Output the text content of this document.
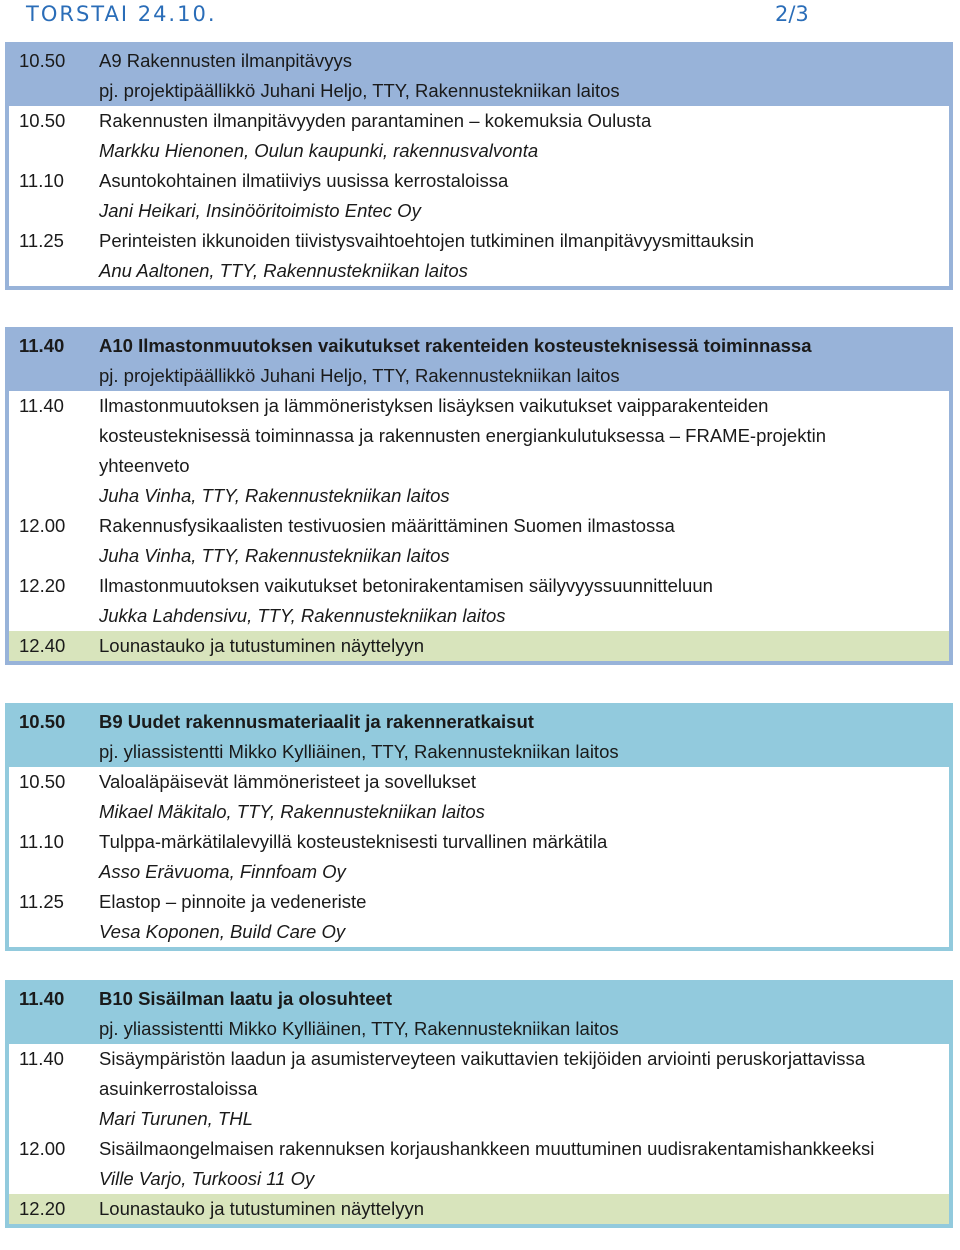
TORSTAI 24.10.	2/3
10.50	A9 Rakennusten ilmanpitävyys
pj. projektipäällikkö Juhani Heljo, TTY, Rakennustekniikan laitos
10.50	Rakennusten ilmanpitävyyden parantaminen – kokemuksia Oulusta
Markku Hienonen, Oulun kaupunki, rakennusvalvonta
11.10	Asuntokohtainen ilmatiiviys uusissa kerrostaloissa
Jani Heikari, Insinööritoimisto Entec Oy
11.25	Perinteisten ikkunoiden tiivistysvaihtoehtojen tutkiminen ilmanpitävyysmittauksin
Anu Aaltonen, TTY, Rakennustekniikan laitos
11.40	A10 Ilmastonmuutoksen vaikutukset rakenteiden kosteusteknisessä toiminnassa
pj. projektipäällikkö Juhani Heljo, TTY, Rakennustekniikan laitos
11.40	Ilmastonmuutoksen ja lämmöneristyksen lisäyksen vaikutukset vaipparakenteiden
kosteusteknisessä toiminnassa ja rakennusten energiankulutuksessa – FRAME-projektin
yhteenveto
Juha Vinha, TTY, Rakennustekniikan laitos
12.00	Rakennusfysikaalisten testivuosien määrittäminen Suomen ilmastossa
Juha Vinha, TTY, Rakennustekniikan laitos
12.20	Ilmastonmuutoksen vaikutukset betonirakentamisen säilyvyyssuunnitteluun
Jukka Lahdensivu, TTY, Rakennustekniikan laitos
12.40	Lounastauko ja tutustuminen näyttelyyn
10.50	B9 Uudet rakennusmateriaalit ja rakenneratkaisut
pj. yliassistentti Mikko Kylliäinen, TTY, Rakennustekniikan laitos
10.50	Valoaläpäisevät lämmöneristeet ja sovellukset
Mikael Mäkitalo, TTY, Rakennustekniikan laitos
11.10	Tulppa-märkätilalevyillä kosteusteknisesti turvallinen märkätila
Asso Erävuoma, Finnfoam Oy
11.25	Elastop – pinnoite ja vedeneriste
Vesa Koponen, Build Care Oy
11.40	B10 Sisäilman laatu ja olosuhteet
pj. yliassistentti Mikko Kylliäinen, TTY, Rakennustekniikan laitos
11.40	Sisäympäristön laadun ja asumisterveyteen vaikuttavien tekijöiden arviointi peruskorjattavissa
asuinkerrostaloissa
Mari Turunen, THL
12.00	Sisäilmaongelmaisen rakennuksen korjaushankkeen muuttuminen uudisrakentamishankkeeksi
Ville Varjo, Turkoosi 11 Oy
12.20	Lounastauko ja tutustuminen näyttelyyn
